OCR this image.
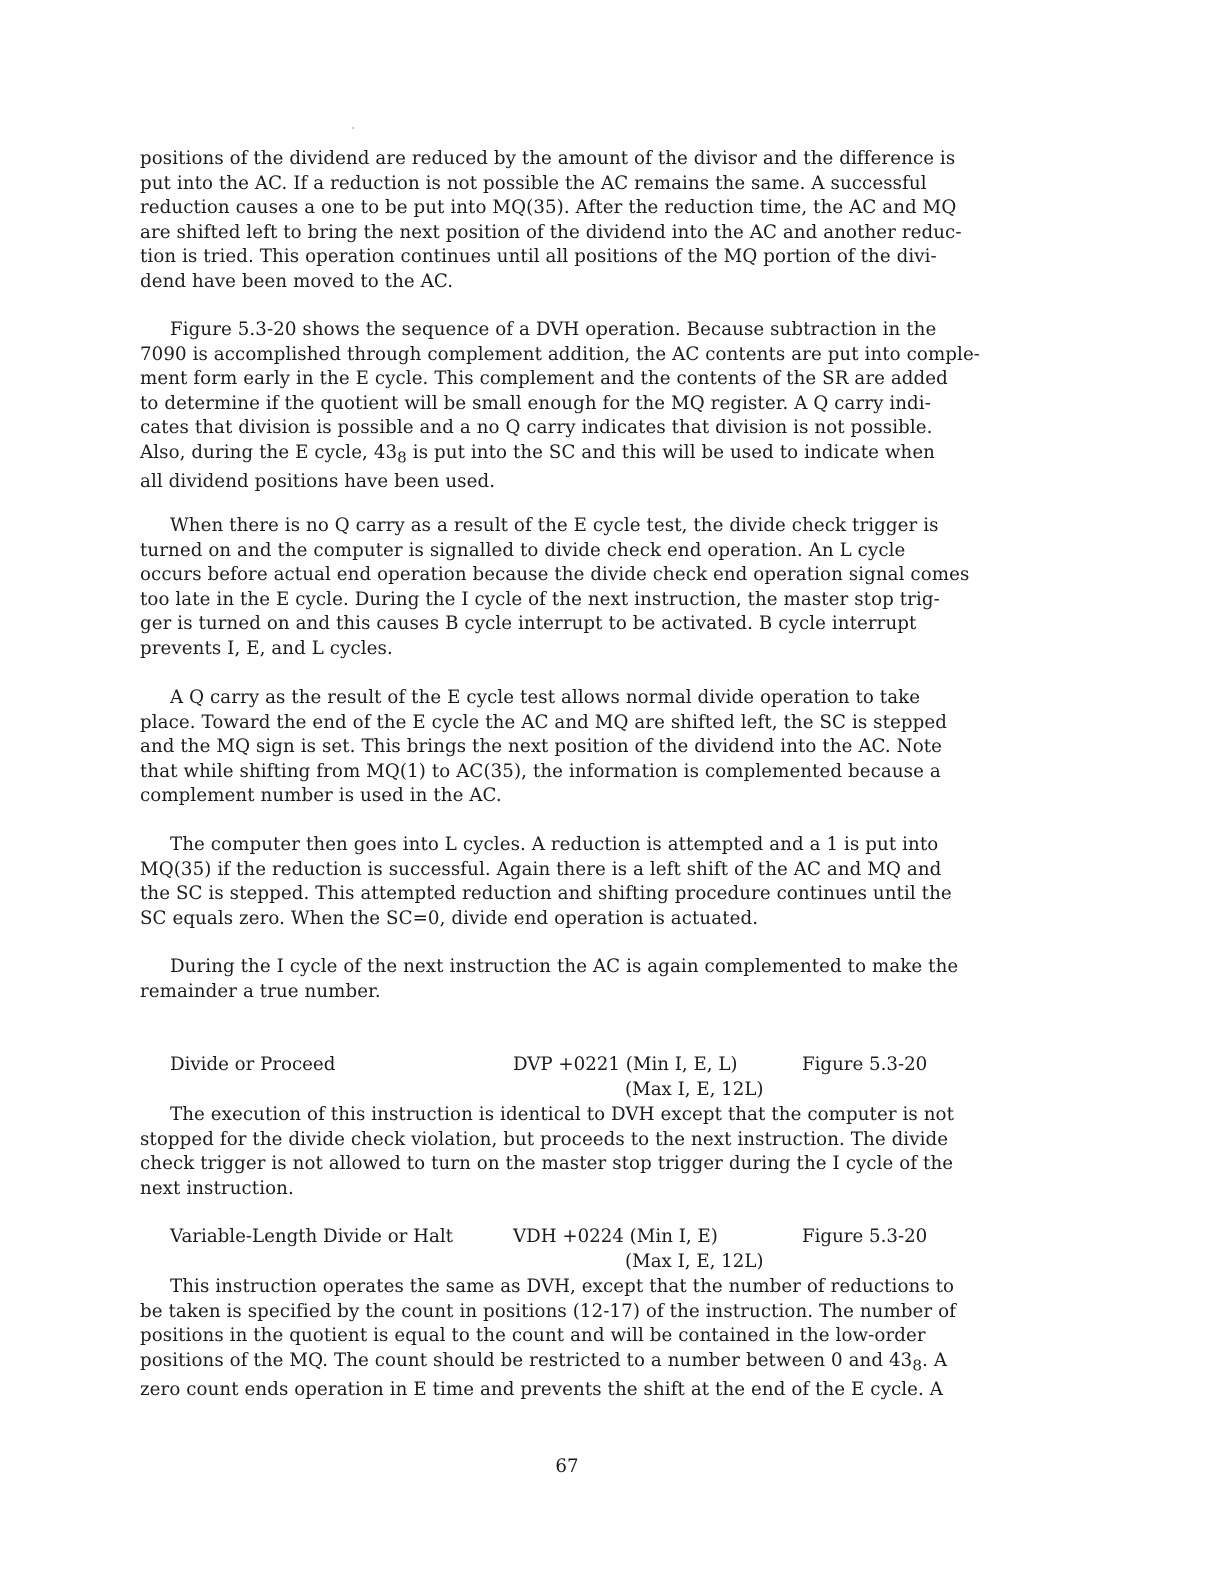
positions of the dividend are reduced by the amount of the divisor and the difference is
put into the AC. If a reduction is not possible the AC remains the same. A successful
reduction causes a one to be put into MQ(35). After the reduction time, the AC and MQ
are shifted left to bring the next position of the dividend into the AC and another reduc-
tion is tried. This operation continues until all positions of the MQ portion of the divi-
dend have been moved to the AC.
Figure 5.3-20 shows the sequence of a DVH operation. Because subtraction in the
7090 is accomplished through complement addition, the AC contents are put into comple-
ment form early in the E cycle. This complement and the contents of the SR are added
to determine if the quotient will be small enough for the MQ register. A Q carry indi-
cates that division is possible and a no Q carry indicates that division is not possible.
Also, during the E cycle, $43_8$ is put into the SC and this will be used to indicate when
all dividend positions have been used.
When there is no Q carry as a result of the E cycle test, the divide check trigger is
turned on and the computer is signalled to divide check end operation. An L cycle
occurs before actual end operation because the divide check end operation signal comes
too late in the E cycle. During the I cycle of the next instruction, the master stop trig-
ger is turned on and this causes B cycle interrupt to be activated. B cycle interrupt
prevents I, E, and L cycles.
A Q carry as the result of the E cycle test allows normal divide operation to take
place. Toward the end of the E cycle the AC and MQ are shifted left, the SC is stepped
and the MQ sign is set. This brings the next position of the dividend into the AC. Note
that while shifting from MQ(1) to AC(35), the information is complemented because a
complement number is used in the AC.
The computer then goes into L cycles. A reduction is attempted and a 1 is put into
MQ(35) if the reduction is successful. Again there is a left shift of the AC and MQ and
the SC is stepped. This attempted reduction and shifting procedure continues until the
SC equals zero. When the SC=0, divide end operation is actuated.
During the I cycle of the next instruction the AC is again complemented to make the
remainder a true number.
Divide or Proceed	DVP +0221 (Min I, E, L)
(Max I, E, 12L)
Figure 5.3-20
The execution of this instruction is identical to DVH except that the computer is not
stopped for the divide check violation, but proceeds to the next instruction. The divide
check trigger is not allowed to turn on the master stop trigger during the I cycle of the
next instruction.
Variable-Length Divide or Halt	VDH +0224 (Min I, E)
(Max I, E, 12L)
Figure 5.3-20
This instruction operates the same as DVH, except that the number of reductions to
be taken is specified by the count in positions (12-17) of the instruction. The number of
positions in the quotient is equal to the count and will be contained in the low-order
positions of the MQ. The count should be restricted to a number between 0 and $43_8$. A
zero count ends operation in E time and prevents the shift at the end of the E cycle. A
67
